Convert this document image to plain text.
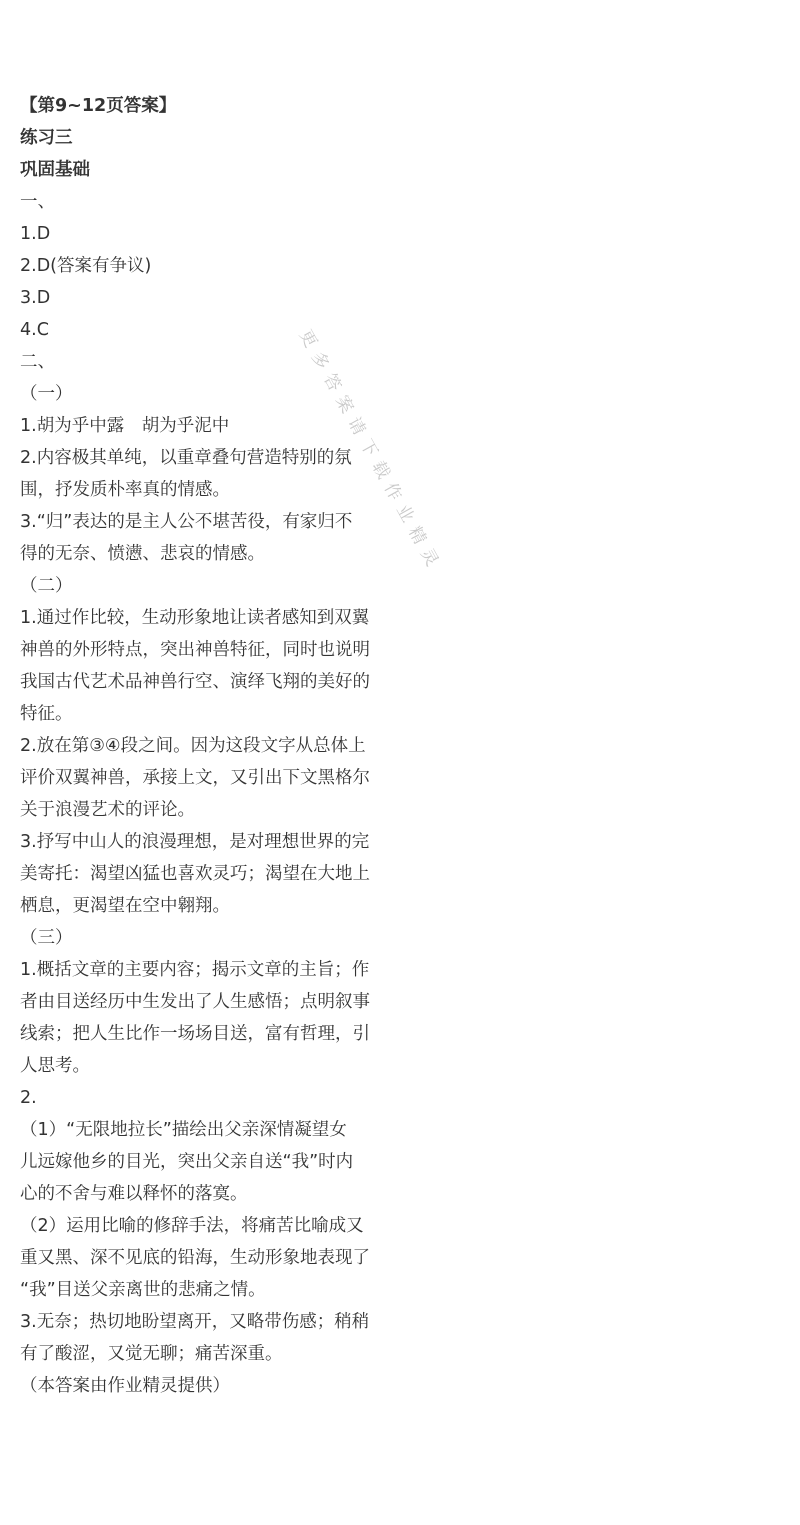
【第9~12页答案】
练习三
巩固基础
一、
1.D
2.D(答案有争议)
3.D
4.C
二、
（一）
1.胡为乎中露　胡为乎泥中
2.内容极其单纯，以重章叠句营造特别的氛
围，抒发质朴率真的情感。
3.“归”表达的是主人公不堪苦役，有家归不
得的无奈、愤懑、悲哀的情感。
（二）
1.通过作比较，生动形象地让读者感知到双翼
神兽的外形特点，突出神兽特征，同时也说明
我国古代艺术品神兽行空、演绎飞翔的美好的
特征。
2.放在第③④段之间。因为这段文字从总体上
评价双翼神兽，承接上文，又引出下文黑格尔
关于浪漫艺术的评论。
3.抒写中山人的浪漫理想，是对理想世界的完
美寄托：渴望凶猛也喜欢灵巧；渴望在大地上
栖息，更渴望在空中翱翔。
（三）
1.概括文章的主要内容；揭示文章的主旨；作
者由目送经历中生发出了人生感悟；点明叙事
线索；把人生比作一场场目送，富有哲理，引
人思考。
2.
（1）“无限地拉长”描绘出父亲深情凝望女
儿远嫁他乡的目光，突出父亲自送“我”时内
心的不舍与难以释怀的落寞。
（2）运用比喻的修辞手法，将痛苦比喻成又
重又黑、深不见底的铅海，生动形象地表现了
“我”目送父亲离世的悲痛之情。
3.无奈；热切地盼望离开，又略带伤感；稍稍
有了酸涩，又觉无聊；痛苦深重。
（本答案由作业精灵提供）
更多答案请下载作业精灵
